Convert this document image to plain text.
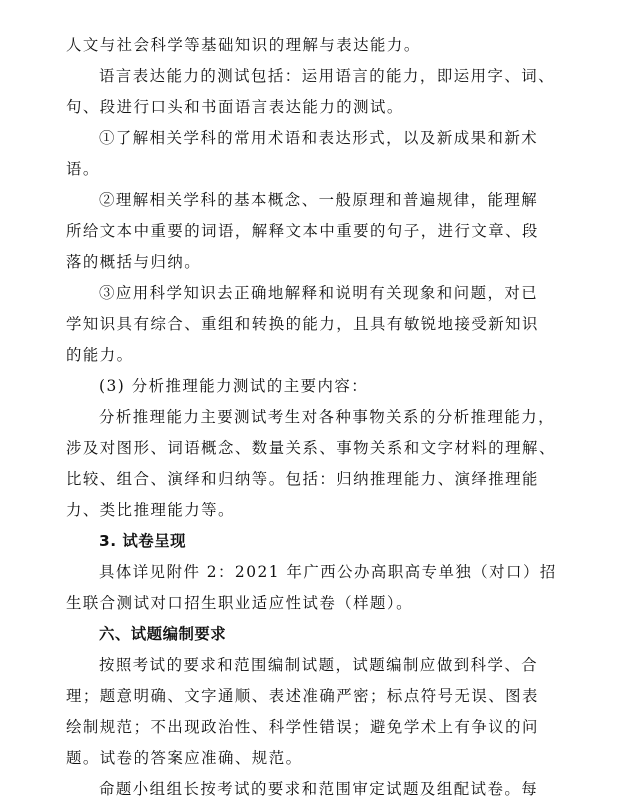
人文与社会科学等基础知识的理解与表达能力。
语言表达能力的测试包括：运用语言的能力，即运用字、词、
句、段进行口头和书面语言表达能力的测试。
①了解相关学科的常用术语和表达形式，以及新成果和新术
语。
②理解相关学科的基本概念、一般原理和普遍规律，能理解
所给文本中重要的词语，解释文本中重要的句子，进行文章、段
落的概括与归纳。
③应用科学知识去正确地解释和说明有关现象和问题，对已
学知识具有综合、重组和转换的能力，且具有敏锐地接受新知识
的能力。
(3) 分析推理能力测试的主要内容：
分析推理能力主要测试考生对各种事物关系的分析推理能力，
涉及对图形、词语概念、数量关系、事物关系和文字材料的理解、
比较、组合、演绎和归纳等。包括：归纳推理能力、演绎推理能
力、类比推理能力等。
3. 试卷呈现
具体详见附件 2：2021 年广西公办高职高专单独（对口）招
生联合测试对口招生职业适应性试卷（样题）。
六、试题编制要求
按照考试的要求和范围编制试题，试题编制应做到科学、合
理；题意明确、文字通顺、表述准确严密；标点符号无误、图表
绘制规范；不出现政治性、科学性错误；避免学术上有争议的问
题。试卷的答案应准确、规范。
命题小组组长按考试的要求和范围审定试题及组配试卷。每
